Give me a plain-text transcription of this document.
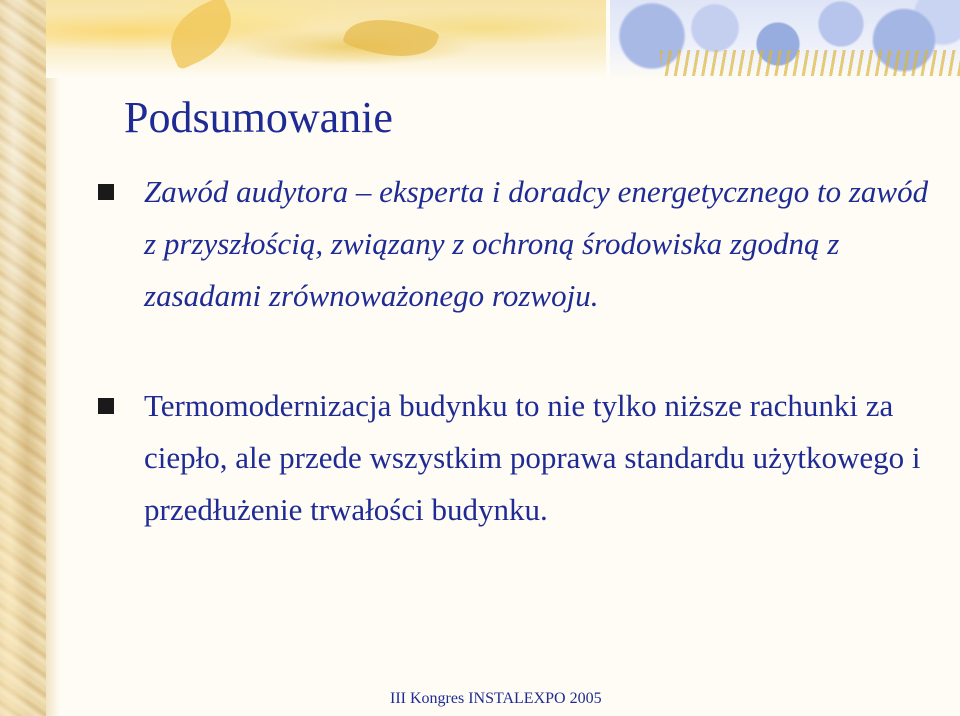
Podsumowanie

Zawód audytora – eksperta i doradcy energetycznego to zawód z przyszłością, związany z ochroną środowiska zgodną z zasadami zrównoważonego rozwoju.

Termomodernizacja budynku to nie tylko niższe rachunki za ciepło, ale przede wszystkim poprawa standardu użytkowego i przedłużenie trwałości budynku.

III Kongres INSTALEXPO 2005
